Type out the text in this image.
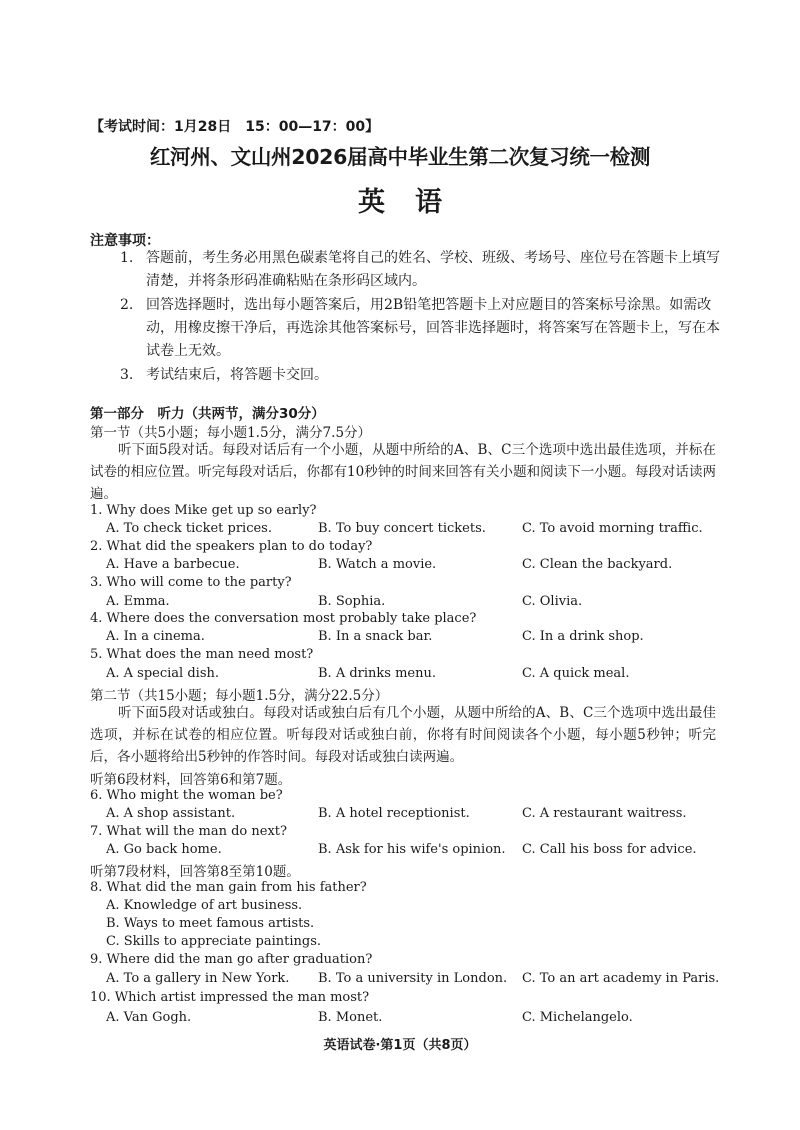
【考试时间：1月28日　15：00—17：00】
红河州、文山州2026届高中毕业生第二次复习统一检测
英语
注意事项：
1. 答题前，考生务必用黑色碳素笔将自己的姓名、学校、班级、考场号、座位号在答题卡上填写清楚，并将条形码准确粘贴在条形码区域内。
2. 回答选择题时，选出每小题答案后，用2B铅笔把答题卡上对应题目的答案标号涂黑。如需改动，用橡皮擦干净后，再选涂其他答案标号，回答非选择题时，将答案写在答题卡上，写在本试卷上无效。
3. 考试结束后，将答题卡交回。
第一部分　听力（共两节，满分30分）
第一节（共5小题；每小题1.5分，满分7.5分）
听下面5段对话。每段对话后有一个小题，从题中所给的A、B、C三个选项中选出最佳选项，并标在试卷的相应位置。听完每段对话后，你都有10秒钟的时间来回答有关小题和阅读下一小题。每段对话读两遍。
1. Why does Mike get up so early?
A. To check ticket prices.	B. To buy concert tickets.	C. To avoid morning traffic.
2. What did the speakers plan to do today?
A. Have a barbecue.	B. Watch a movie.	C. Clean the backyard.
3. Who will come to the party?
A. Emma.	B. Sophia.	C. Olivia.
4. Where does the conversation most probably take place?
A. In a cinema.	B. In a snack bar.	C. In a drink shop.
5. What does the man need most?
A. A special dish.	B. A drinks menu.	C. A quick meal.
第二节（共15小题；每小题1.5分，满分22.5分）
听下面5段对话或独白。每段对话或独白后有几个小题，从题中所给的A、B、C三个选项中选出最佳选项，并标在试卷的相应位置。听每段对话或独白前，你将有时间阅读各个小题，每小题5秒钟；听完后，各小题将给出5秒钟的作答时间。每段对话或独白读两遍。
听第6段材料，回答第6和第7题。
6. Who might the woman be?
A. A shop assistant.	B. A hotel receptionist.	C. A restaurant waitress.
7. What will the man do next?
A. Go back home.	B. Ask for his wife's opinion. C. Call his boss for advice.
听第7段材料，回答第8至第10题。
8. What did the man gain from his father?
A. Knowledge of art business.
B. Ways to meet famous artists.
C. Skills to appreciate paintings.
9. Where did the man go after graduation?
A. To a gallery in New York. B. To a university in London. C. To an art academy in Paris.
10. Which artist impressed the man most?
A. Van Gogh.	B. Monet.	C. Michelangelo.
英语试卷·第1页（共8页）
